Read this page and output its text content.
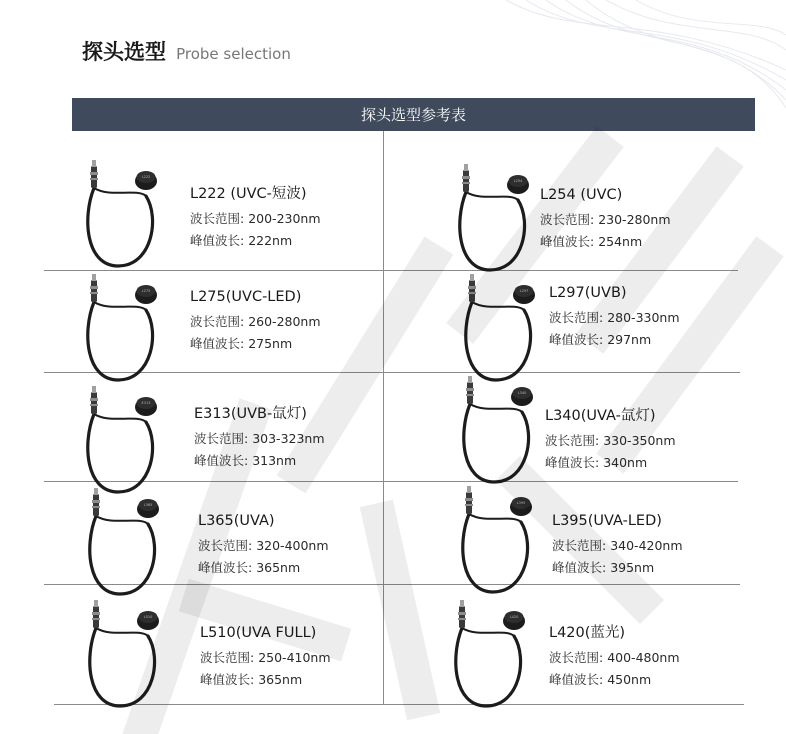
探头选型 Probe selection
探头选型参考表
L222
L222 (UVC-短波)
波长范围: 200-230nm
峰值波长: 222nm
L254
L254 (UVC)
波长范围: 230-280nm
峰值波长: 254nm
L275	L275(UVC-LED)
波长范围: 260-280nm
峰值波长: 275nm
L297 L297(UVB)
波长范围: 280-330nm
峰值波长: 297nm
E313
E313(UVB-氙灯)
波长范围: 303-323nm
峰值波长: 313nm
L340
L340(UVA-氙灯)
波长范围: 330-350nm
峰值波长: 340nm
L365
L365(UVA)
波长范围: 320-400nm
峰值波长: 365nm
L395
L395(UVA-LED)
波长范围: 340-420nm
峰值波长: 395nm
L510
L510(UVA FULL)
波长范围: 250-410nm
峰值波长: 365nm
L420
L420(蓝光)
波长范围: 400-480nm
峰值波长: 450nm
